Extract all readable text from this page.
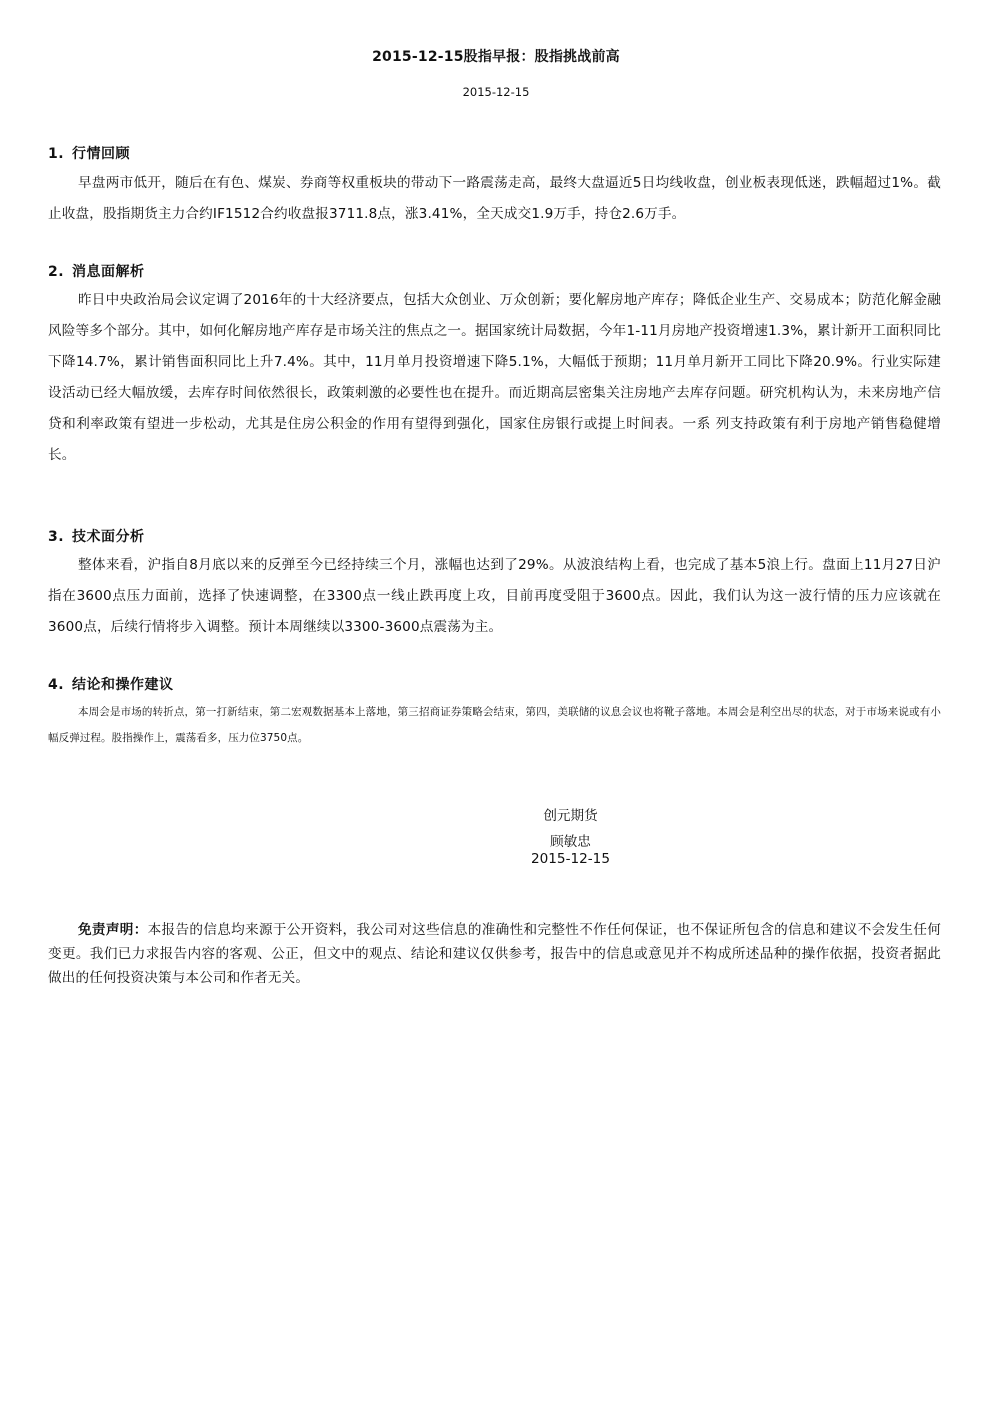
2015-12-15股指早报：股指挑战前高
2015-12-15
1. 行情回顾
早盘两市低开，随后在有色、煤炭、券商等权重板块的带动下一路震荡走高，最终大盘逼近5日均线收盘，创业板表现低迷，跌幅超过1%。截止收盘，股指期货主力合约IF1512合约收盘报3711.8点，涨3.41%，全天成交1.9万手，持仓2.6万手。
2. 消息面解析
昨日中央政治局会议定调了2016年的十大经济要点，包括大众创业、万众创新；要化解房地产库存；降低企业生产、交易成本；防范化解金融风险等多个部分。其中，如何化解房地产库存是市场关注的焦点之一。据国家统计局数据，今年1-11月房地产投资增速1.3%，累计新开工面积同比下降14.7%，累计销售面积同比上升7.4%。其中，11月单月投资增速下降5.1%，大幅低于预期；11月单月新开工同比下降20.9%。行业实际建设活动已经大幅放缓，去库存时间依然很长，政策刺激的必要性也在提升。而近期高层密集关注房地产去库存问题。研究机构认为，未来房地产信贷和利率政策有望进一步松动，尤其是住房公积金的作用有望得到强化，国家住房银行或提上时间表。一系 列支持政策有利于房地产销售稳健增长。
3. 技术面分析
整体来看，沪指自8月底以来的反弹至今已经持续三个月，涨幅也达到了29%。从波浪结构上看，也完成了基本5浪上行。盘面上11月27日沪指在3600点压力面前，选择了快速调整，在3300点一线止跌再度上攻，目前再度受阻于3600点。因此，我们认为这一波行情的压力应该就在3600点，后续行情将步入调整。预计本周继续以3300-3600点震荡为主。
4. 结论和操作建议
本周会是市场的转折点，第一打新结束，第二宏观数据基本上落地，第三招商证券策略会结束，第四，美联储的议息会议也将靴子落地。本周会是利空出尽的状态，对于市场来说或有小幅反弹过程。股指操作上，震荡看多，压力位3750点。
创元期货
顾敏忠
2015-12-15
免责声明：本报告的信息均来源于公开资料，我公司对这些信息的准确性和完整性不作任何保证，也不保证所包含的信息和建议不会发生任何变更。我们已力求报告内容的客观、公正，但文中的观点、结论和建议仅供参考，报告中的信息或意见并不构成所述品种的操作依据，投资者据此做出的任何投资决策与本公司和作者无关。
